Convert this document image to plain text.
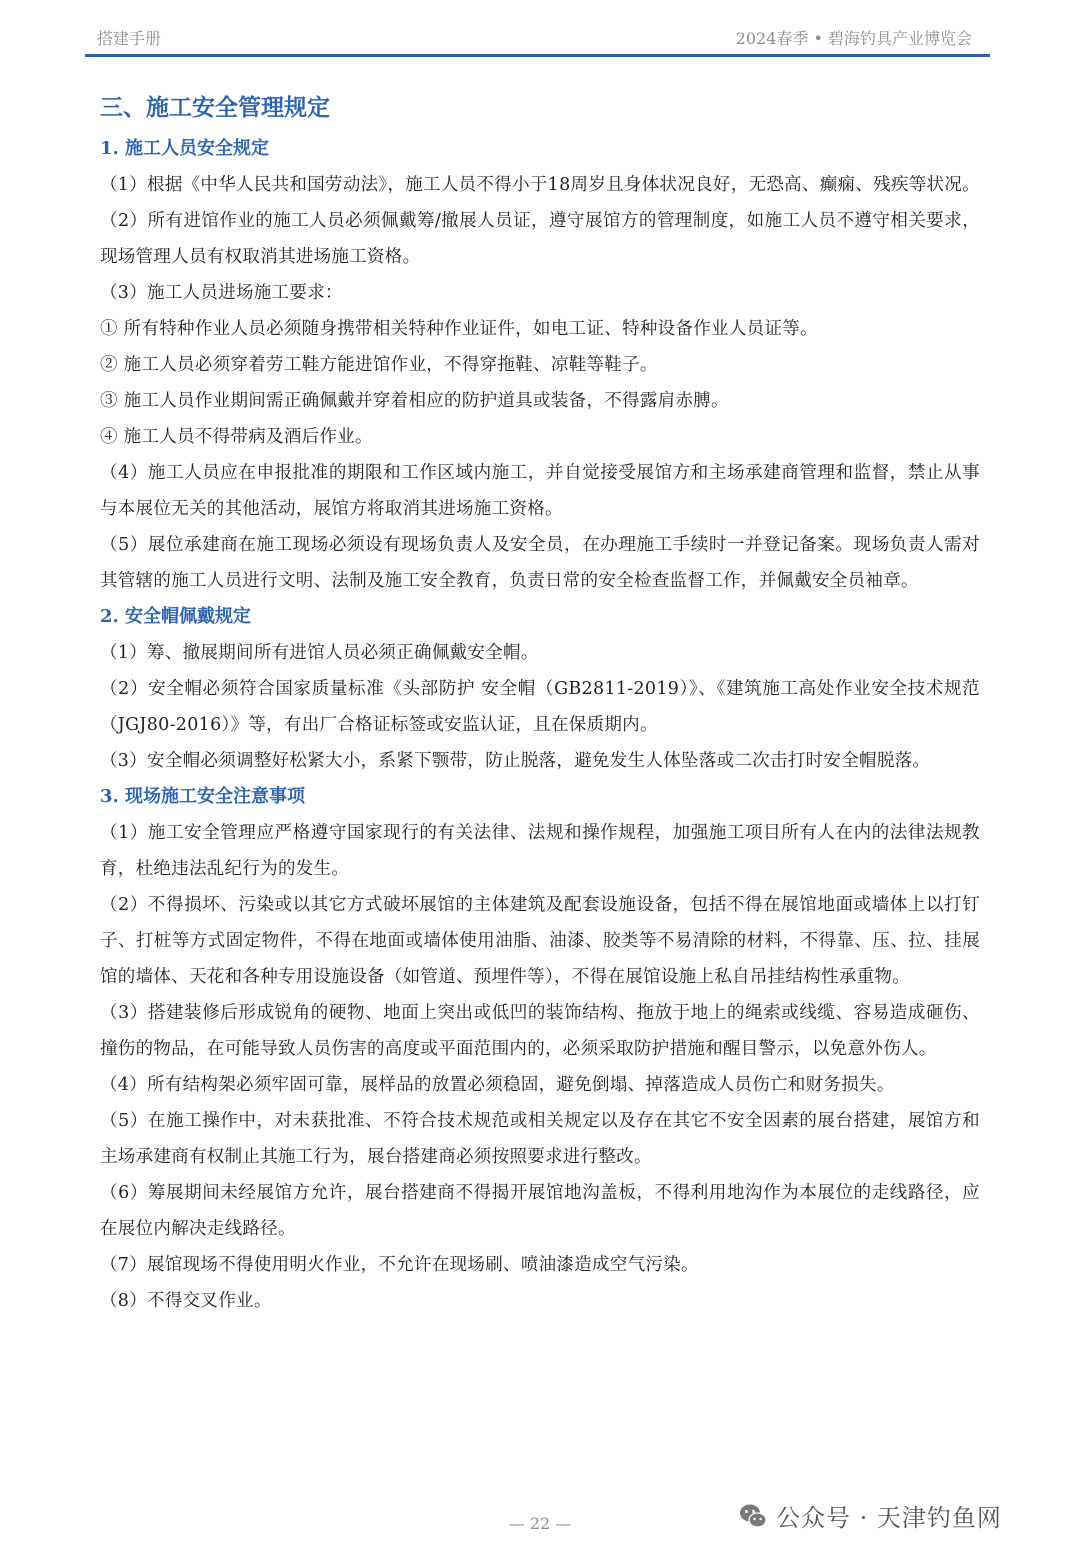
搭建手册	2024春季 • 碧海钓具产业博览会
三、施工安全管理规定
1. 施工人员安全规定

（1）根据《中华人民共和国劳动法》，施工人员不得小于18周岁且身体状况良好，无恐高、癫痫、残疾等状况。

（2）所有进馆作业的施工人员必须佩戴筹/撤展人员证，遵守展馆方的管理制度，如施工人员不遵守相关要求，现场管理人员有权取消其进场施工资格。

（3）施工人员进场施工要求：

① 所有特种作业人员必须随身携带相关特种作业证件，如电工证、特种设备作业人员证等。

② 施工人员必须穿着劳工鞋方能进馆作业，不得穿拖鞋、凉鞋等鞋子。

③ 施工人员作业期间需正确佩戴并穿着相应的防护道具或装备，不得露肩赤膊。

④ 施工人员不得带病及酒后作业。

（4）施工人员应在申报批准的期限和工作区域内施工，并自觉接受展馆方和主场承建商管理和监督，禁止从事与本展位无关的其他活动，展馆方将取消其进场施工资格。

（5）展位承建商在施工现场必须设有现场负责人及安全员，在办理施工手续时一并登记备案。现场负责人需对其管辖的施工人员进行文明、法制及施工安全教育，负责日常的安全检查监督工作，并佩戴安全员袖章。

2. 安全帽佩戴规定

（1）筹、撤展期间所有进馆人员必须正确佩戴安全帽。

（2）安全帽必须符合国家质量标准《头部防护 安全帽（GB2811-2019）》、《建筑施工高处作业安全技术规范（JGJ80-2016）》等，有出厂合格证标签或安监认证，且在保质期内。

（3）安全帽必须调整好松紧大小，系紧下颚带，防止脱落，避免发生人体坠落或二次击打时安全帽脱落。

3. 现场施工安全注意事项

（1）施工安全管理应严格遵守国家现行的有关法律、法规和操作规程，加强施工项目所有人在内的法律法规教育，杜绝违法乱纪行为的发生。

（2）不得损坏、污染或以其它方式破坏展馆的主体建筑及配套设施设备，包括不得在展馆地面或墙体上以打钉子、打桩等方式固定物件，不得在地面或墙体使用油脂、油漆、胶类等不易清除的材料，不得靠、压、拉、挂展馆的墙体、天花和各种专用设施设备（如管道、预埋件等），不得在展馆设施上私自吊挂结构性承重物。

（3）搭建装修后形成锐角的硬物、地面上突出或低凹的装饰结构、拖放于地上的绳索或线缆、容易造成砸伤、撞伤的物品，在可能导致人员伤害的高度或平面范围内的，必须采取防护措施和醒目警示，以免意外伤人。

（4）所有结构架必须牢固可靠，展样品的放置必须稳固，避免倒塌、掉落造成人员伤亡和财务损失。

（5）在施工操作中，对未获批准、不符合技术规范或相关规定以及存在其它不安全因素的展台搭建，展馆方和主场承建商有权制止其施工行为，展台搭建商必须按照要求进行整改。

（6）筹展期间未经展馆方允许，展台搭建商不得揭开展馆地沟盖板，不得利用地沟作为本展位的走线路径，应在展位内解决走线路径。

（7）展馆现场不得使用明火作业，不允许在现场刷、喷油漆造成空气污染。

（8）不得交叉作业。

— 22 —	公众号 · 天津钓鱼网
